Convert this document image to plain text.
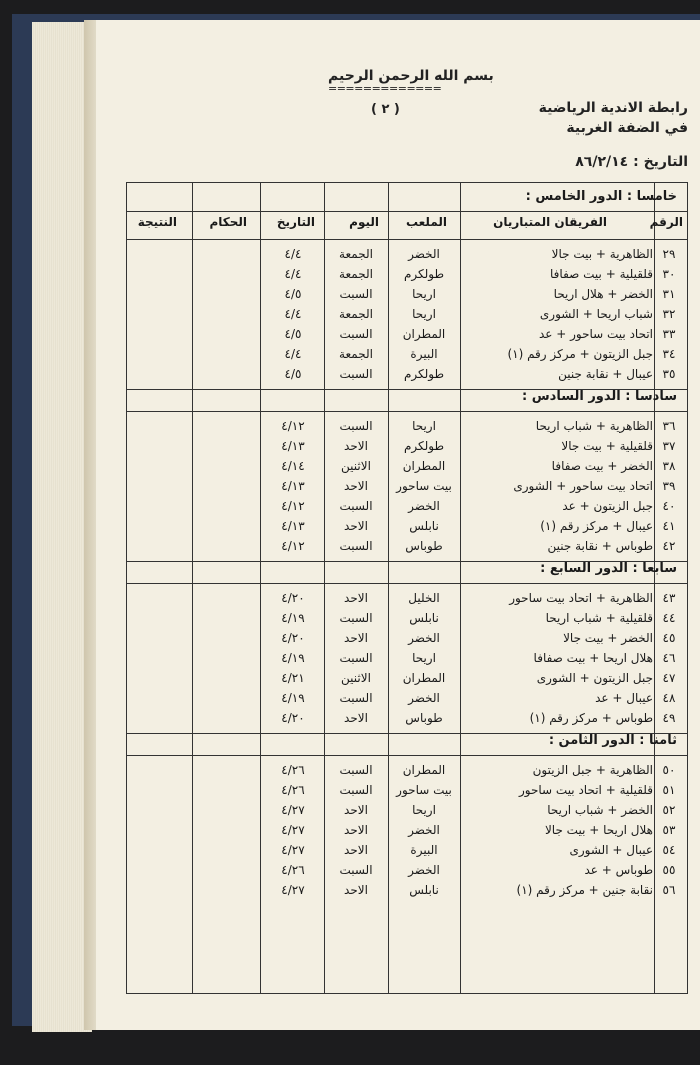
بسم الله الرحمن الرحيم
=============
( ٢ )	رابطة الاندية الرياضية
في الضفة الغربية
التاريخ : ٨٦/٢/١٤
خامسا : الدور الخامس :
الرقم
الفريقان المتباريان
الملعب
اليوم
التاريخ
الحكام
النتيجة
٢٩
الظاهرية + بيت جالا
الخضر
الجمعة
٤/٤
٣٠
قلقيلية + بيت صفافا
طولكرم
الجمعة
٤/٤
٣١
الخضر + هلال اريحا
اريحا
السبت
٤/٥
٣٢
شباب اريحا + الشورى
اريحا
الجمعة
٤/٤
٣٣
اتحاد بيت ساحور + عد
المطران
السبت
٤/٥
٣٤
جبل الزيتون + مركز رقم (١)
البيرة
الجمعة
٤/٤
٣٥
عيبال + نقابة جنين
طولكرم
السبت
٤/٥
سادسا : الدور السادس :
٣٦
الظاهرية + شباب اريحا
اريحا
السبت
٤/١٢
٣٧
قلقيلية + بيت جالا
طولكرم
الاحد
٤/١٣
٣٨
الخضر + بيت صفافا
المطران
الاثنين
٤/١٤
٣٩
اتحاد بيت ساحور + الشورى
بيت ساحور
الاحد
٤/١٣
٤٠
جبل الزيتون + عد
الخضر
السبت
٤/١٢
٤١
عيبال + مركز رقم (١)
نابلس
الاحد
٤/١٣
٤٢
طوباس + نقابة جنين
طوباس
السبت
٤/١٢
سابعا : الدور السابع :
٤٣
الظاهرية + اتحاد بيت ساحور
الخليل
الاحد
٤/٢٠
٤٤
قلقيلية + شباب اريحا
نابلس
السبت
٤/١٩
٤٥
الخضر + بيت جالا
الخضر
الاحد
٤/٢٠
٤٦
هلال اريحا + بيت صفافا
اريحا
السبت
٤/١٩
٤٧
جبل الزيتون + الشورى
المطران
الاثنين
٤/٢١
٤٨
عيبال + عد
الخضر
السبت
٤/١٩
٤٩
طوباس + مركز رقم (١)
طوباس
الاحد
٤/٢٠
ثامنا : الدور الثامن :
٥٠
الظاهرية + جبل الزيتون
المطران
السبت
٤/٢٦
٥١
قلقيلية + اتحاد بيت ساحور
بيت ساحور
السبت
٤/٢٦
٥٢
الخضر + شباب اريحا
اريحا
الاحد
٤/٢٧
٥٣
هلال اريحا + بيت جالا
الخضر
الاحد
٤/٢٧
٥٤
عيبال + الشورى
البيرة
الاحد
٤/٢٧
٥٥
طوباس + عد
الخضر
السبت
٤/٢٦
٥٦
نقابة جنين + مركز رقم (١)
نابلس
الاحد
٤/٢٧
